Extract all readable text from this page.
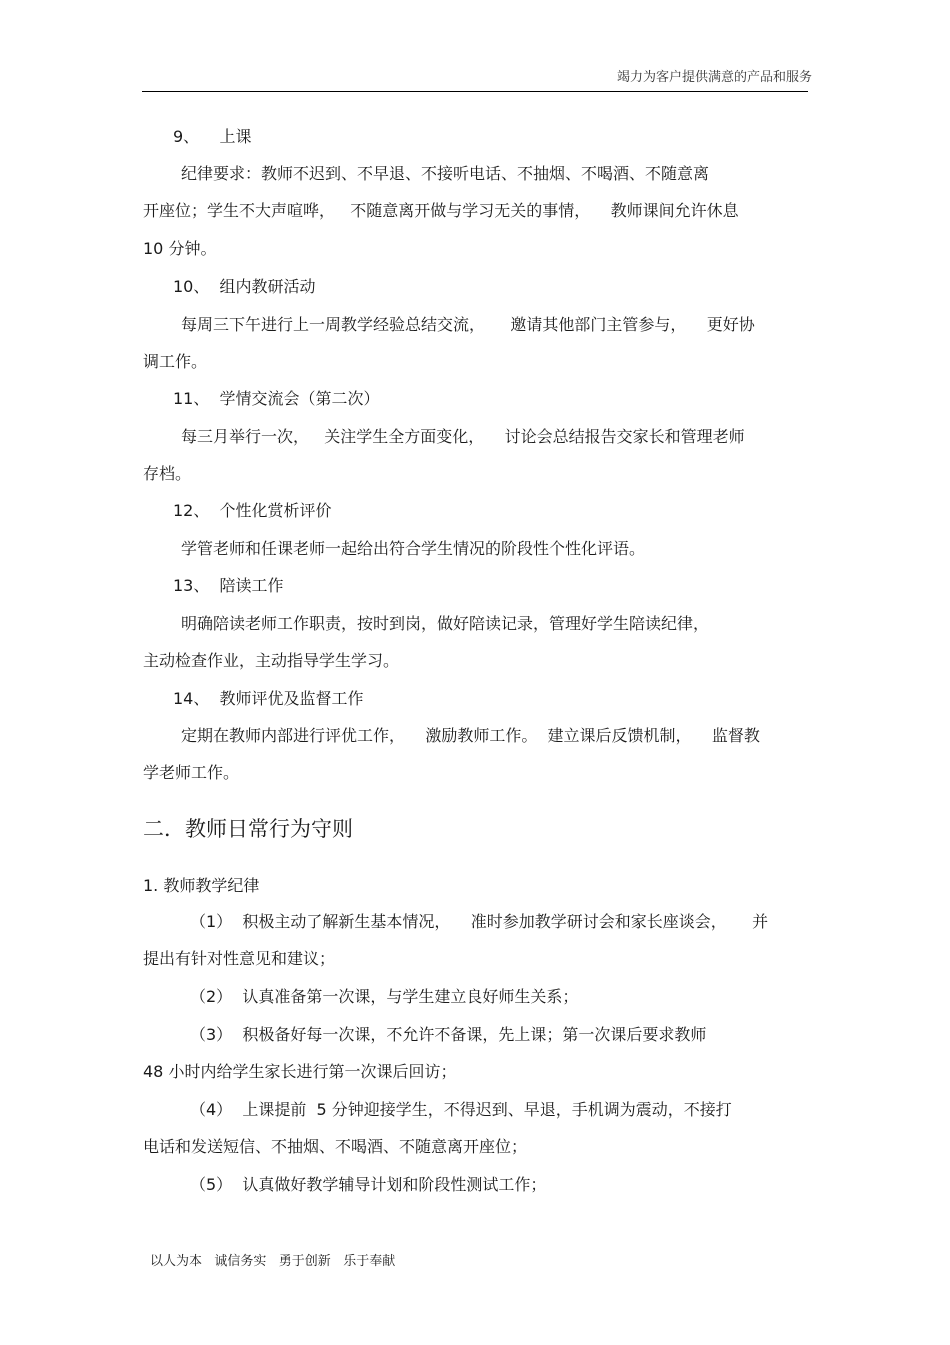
竭力为客户提供满意的产品和服务
9、    上课
纪律要求：教师不迟到、不早退、不接听电话、不抽烟、不喝酒、不随意离
开座位；学生不大声喧哗，   不随意离开做与学习无关的事情，    教师课间允许休息
10 分钟。
10、  组内教研活动
每周三下午进行上一周教学经验总结交流，     邀请其他部门主管参与，    更好协
调工作。
11、  学情交流会（第二次）
每三月举行一次，   关注学生全方面变化，    讨论会总结报告交家长和管理老师
存档。
12、  个性化赏析评价
学管老师和任课老师一起给出符合学生情况的阶段性个性化评语。
13、  陪读工作
明确陪读老师工作职责，按时到岗，做好陪读记录，管理好学生陪读纪律，
主动检查作业，主动指导学生学习。
14、  教师评优及监督工作
定期在教师内部进行评优工作，    激励教师工作。  建立课后反馈机制，    监督教
学老师工作。
二．教师日常行为守则
1. 教师教学纪律
（1）  积极主动了解新生基本情况，    准时参加教学研讨会和家长座谈会，     并
提出有针对性意见和建议；
（2）  认真准备第一次课，与学生建立良好师生关系；
（3）  积极备好每一次课，不允许不备课，先上课；第一次课后要求教师
48 小时内给学生家长进行第一次课后回访；
（4）  上课提前  5 分钟迎接学生，不得迟到、早退，手机调为震动，不接打
电话和发送短信、不抽烟、不喝酒、不随意离开座位；
（5）  认真做好教学辅导计划和阶段性测试工作；
以人为本   诚信务实   勇于创新   乐于奉献
